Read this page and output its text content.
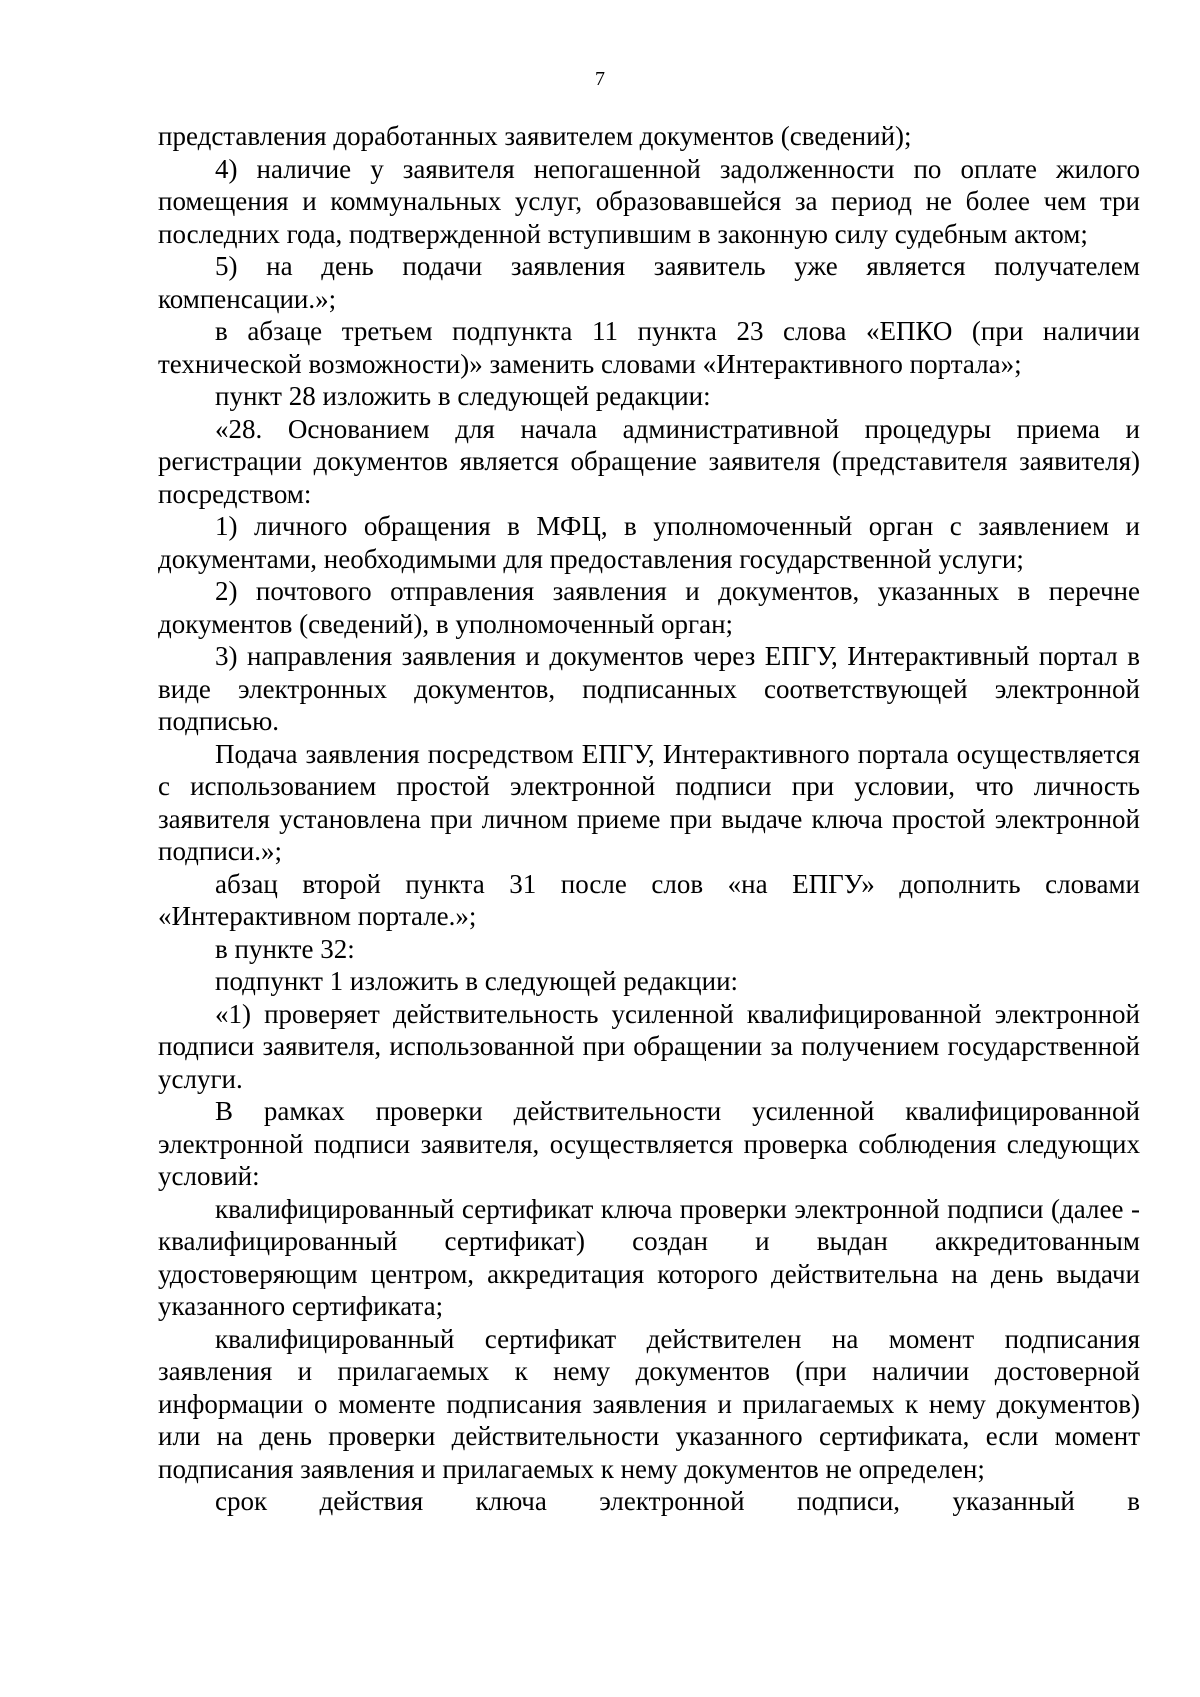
7

представления доработанных заявителем документов (сведений);

4) наличие у заявителя непогашенной задолженности по оплате жилого помещения и коммунальных услуг, образовавшейся за период не более чем три последних года, подтвержденной вступившим в законную силу судебным актом;

5) на день подачи заявления заявитель уже является получателем компенсации.»;

в абзаце третьем подпункта 11 пункта 23 слова «ЕПКО (при наличии технической возможности)» заменить словами «Интерактивного портала»;

пункт 28 изложить в следующей редакции:

«28. Основанием для начала административной процедуры приема и регистрации документов является обращение заявителя (представителя заявителя) посредством:

1) личного обращения в МФЦ, в уполномоченный орган с заявлением и документами, необходимыми для предоставления государственной услуги;

2) почтового отправления заявления и документов, указанных в перечне документов (сведений), в уполномоченный орган;

3) направления заявления и документов через ЕПГУ, Интерактивный портал в виде электронных документов, подписанных соответствующей электронной подписью.

Подача заявления посредством ЕПГУ, Интерактивного портала осуществляется с использованием простой электронной подписи при условии, что личность заявителя установлена при личном приеме при выдаче ключа простой электронной подписи.»;

абзац второй пункта 31 после слов «на ЕПГУ» дополнить словами «Интерактивном портале.»;

в пункте 32:

подпункт 1 изложить в следующей редакции:

«1) проверяет действительность усиленной квалифицированной электронной подписи заявителя, использованной при обращении за получением государственной услуги.

В рамках проверки действительности усиленной квалифицированной электронной подписи заявителя, осуществляется проверка соблюдения следующих условий:

квалифицированный сертификат ключа проверки электронной подписи (далее - квалифицированный сертификат) создан и выдан аккредитованным удостоверяющим центром, аккредитация которого действительна на день выдачи указанного сертификата;

квалифицированный сертификат действителен на момент подписания заявления и прилагаемых к нему документов (при наличии достоверной информации о моменте подписания заявления и прилагаемых к нему документов) или на день проверки действительности указанного сертификата, если момент подписания заявления и прилагаемых к нему документов не определен;

срок действия ключа электронной подписи, указанный в
